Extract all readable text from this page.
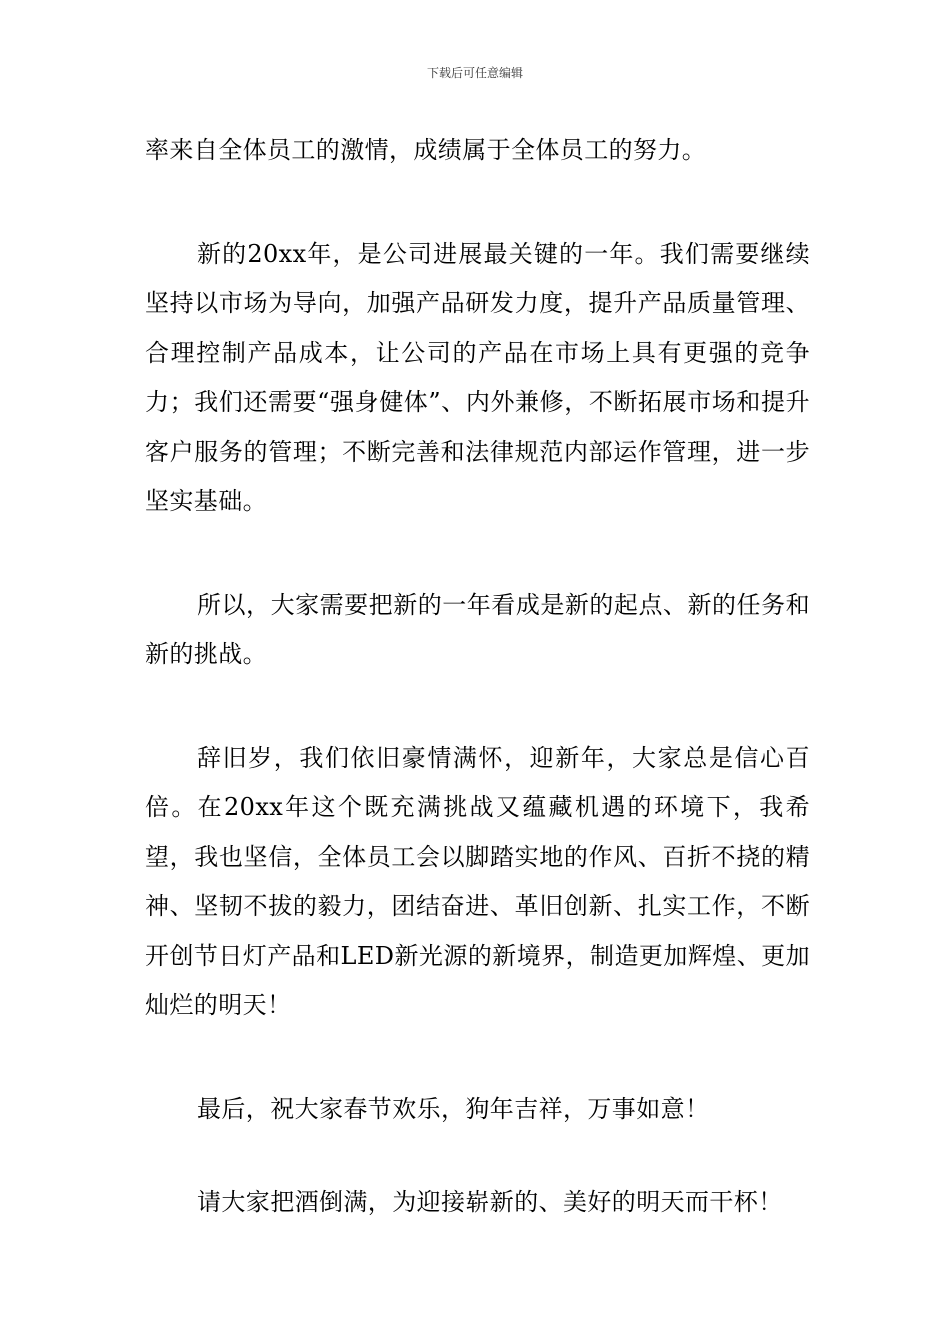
下载后可任意编辑

率来自全体员工的激情，成绩属于全体员工的努力。

新的20xx年，是公司进展最关键的一年。我们需要继续坚持以市场为导向，加强产品研发力度，提升产品质量管理、合理控制产品成本，让公司的产品在市场上具有更强的竞争力；我们还需要“强身健体”、内外兼修，不断拓展市场和提升客户服务的管理；不断完善和法律规范内部运作管理，进一步坚实基础。

所以，大家需要把新的一年看成是新的起点、新的任务和新的挑战。

辞旧岁，我们依旧豪情满怀，迎新年，大家总是信心百倍。在20xx年这个既充满挑战又蕴藏机遇的环境下，我希望，我也坚信，全体员工会以脚踏实地的作风、百折不挠的精神、坚韧不拔的毅力，团结奋进、革旧创新、扎实工作，不断开创节日灯产品和LED新光源的新境界，制造更加辉煌、更加灿烂的明天！

最后，祝大家春节欢乐，狗年吉祥，万事如意！

请大家把酒倒满，为迎接崭新的、美好的明天而干杯！
